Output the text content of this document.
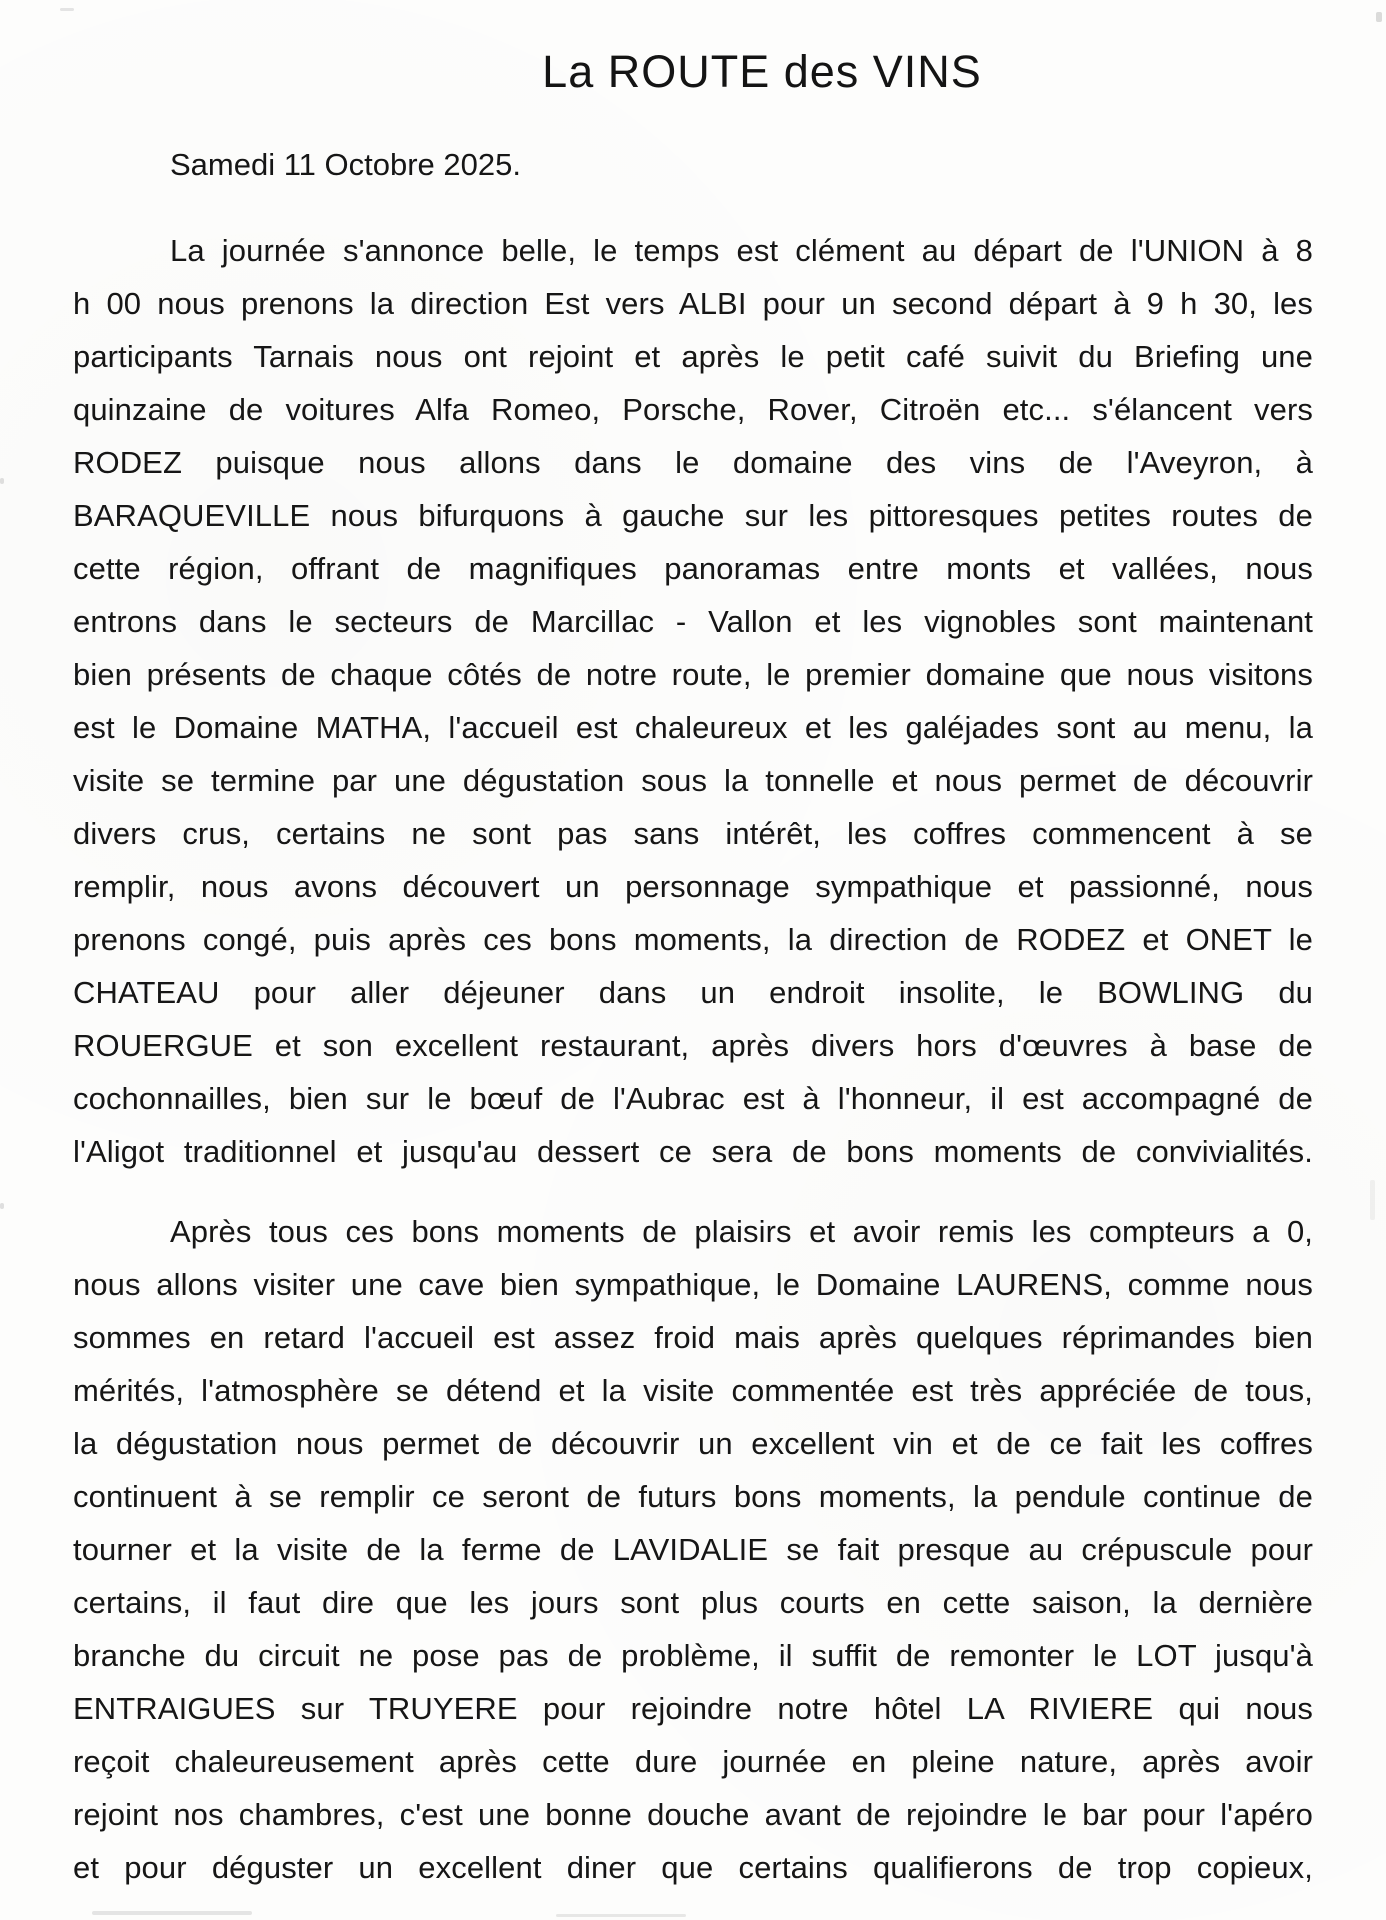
La ROUTE des VINS
Samedi 11 Octobre 2025.
La journée s'annonce belle, le temps est clément au départ de l'UNION à 8
h 00 nous prenons la direction Est vers ALBI pour un second départ à 9 h 30, les
participants Tarnais nous ont rejoint et après le petit café suivit du Briefing une
quinzaine de voitures Alfa Romeo, Porsche, Rover, Citroën etc... s'élancent vers
RODEZ puisque nous allons dans le domaine des vins de l'Aveyron, à
BARAQUEVILLE nous bifurquons à gauche sur les pittoresques petites routes de
cette région, offrant de magnifiques panoramas entre monts et vallées, nous
entrons dans le secteurs de Marcillac - Vallon et les vignobles sont maintenant
bien présents de chaque côtés de notre route, le premier domaine que nous visitons
est le Domaine MATHA, l'accueil est chaleureux et les galéjades sont au menu, la
visite se termine par une dégustation sous la tonnelle et nous permet de découvrir
divers crus, certains ne sont pas sans intérêt, les coffres commencent à se
remplir, nous avons découvert un personnage sympathique et passionné, nous
prenons congé, puis après ces bons moments, la direction de RODEZ et ONET le
CHATEAU pour aller déjeuner dans un endroit insolite, le BOWLING du
ROUERGUE et son excellent restaurant, après divers hors d'œuvres à base de
cochonnailles, bien sur le bœuf de l'Aubrac est à l'honneur, il est accompagné de
l'Aligot traditionnel et jusqu'au dessert ce sera de bons moments de convivialités.
Après tous ces bons moments de plaisirs et avoir remis les compteurs a 0,
nous allons visiter une cave bien sympathique, le Domaine LAURENS, comme nous
sommes en retard l'accueil est assez froid mais après quelques réprimandes bien
mérités, l'atmosphère se détend et la visite commentée est très appréciée de tous,
la dégustation nous permet de découvrir un excellent vin et de ce fait les coffres
continuent à se remplir ce seront de futurs bons moments, la pendule continue de
tourner et la visite de la ferme de LAVIDALIE se fait presque au crépuscule pour
certains, il faut dire que les jours sont plus courts en cette saison, la dernière
branche du circuit ne pose pas de problème, il suffit de remonter le LOT jusqu'à
ENTRAIGUES sur TRUYERE pour rejoindre notre hôtel LA RIVIERE qui nous
reçoit chaleureusement après cette dure journée en pleine nature, après avoir
rejoint nos chambres, c'est une bonne douche avant de rejoindre le bar pour l'apéro
et pour déguster un excellent diner que certains qualifierons de trop copieux,
